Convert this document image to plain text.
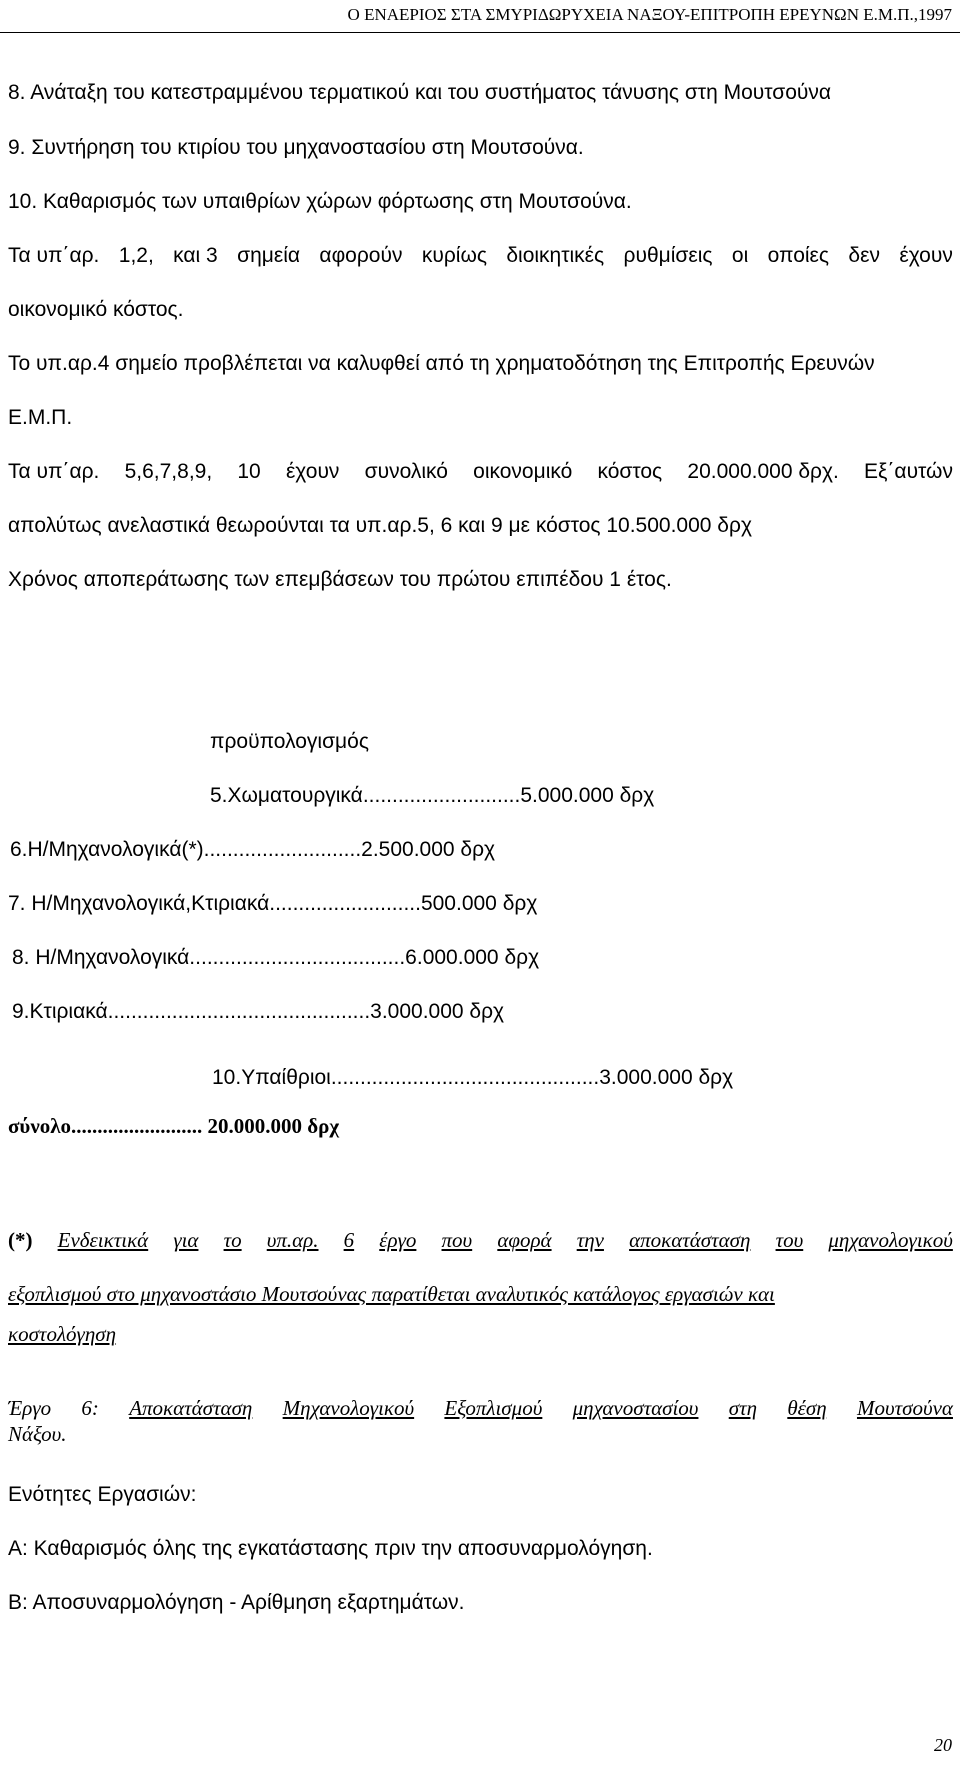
Ο ΕΝΑΕΡΙΟΣ ΣΤΑ ΣΜΥΡΙΔΩΡΥΧΕΙΑ ΝΑΞΟΥ-ΕΠΙΤΡΟΠΗ ΕΡΕΥΝΩΝ Ε.Μ.Π.,1997
8. Ανάταξη του κατεστραμμένου τερματικού και του συστήματος τάνυσης στη Μουτσούνα
9. Συντήρηση του κτιρίου του μηχανοστασίου στη Μουτσούνα.
10. Καθαρισμός των υπαιθρίων χώρων φόρτωσης στη Μουτσούνα.
Τα υπ΄αρ. 1,2, και 3 σημεία αφορούν κυρίως διοικητικές ρυθμίσεις οι οποίες δεν έχουν
οικονομικό κόστος.
Το υπ.αρ.4 σημείο προβλέπεται να καλυφθεί από τη χρηματοδότηση της Επιτροπής Ερευνών
Ε.Μ.Π.
Τα υπ΄αρ. 5,6,7,8,9, 10 έχουν συνολικό οικονομικό κόστος 20.000.000 δρχ. Εξ΄αυτών
απολύτως ανελαστικά θεωρούνται τα υπ.αρ.5, 6 και 9 με κόστος 10.500.000 δρχ
Χρόνος αποπεράτωσης των επεμβάσεων του πρώτου επιπέδου 1 έτος.
προϋπολογισμός
5.Χωματουργικά...........................5.000.000 δρχ
6.Η/Μηχανολογικά(*)...........................2.500.000 δρχ
7. Η/Μηχανολογικά,Κτιριακά..........................500.000 δρχ
8. Η/Μηχανολογικά.....................................6.000.000 δρχ
9.Κτιριακά.............................................3.000.000 δρχ
10.Υπαίθριοι..............................................3.000.000 δρχ
σύνολο......................... 20.000.000 δρχ
(*) Ενδεικτικά για το υπ.αρ. 6 έργο που αφορά την αποκατάσταση του μηχανολογικού
εξοπλισμού στο μηχανοστάσιο Μουτσούνας παρατίθεται αναλυτικός κατάλογος εργασιών και
κοστολόγηση
Έργο 6: Αποκατάσταση Μηχανολογικού Εξοπλισμού μηχανοστασίου στη θέση Μουτσούνα
Νάξου.
Ενότητες Εργασιών:
Α: Καθαρισμός όλης της εγκατάστασης πριν την αποσυναρμολόγηση.
Β: Αποσυναρμολόγηση - Αρίθμηση εξαρτημάτων.
20
